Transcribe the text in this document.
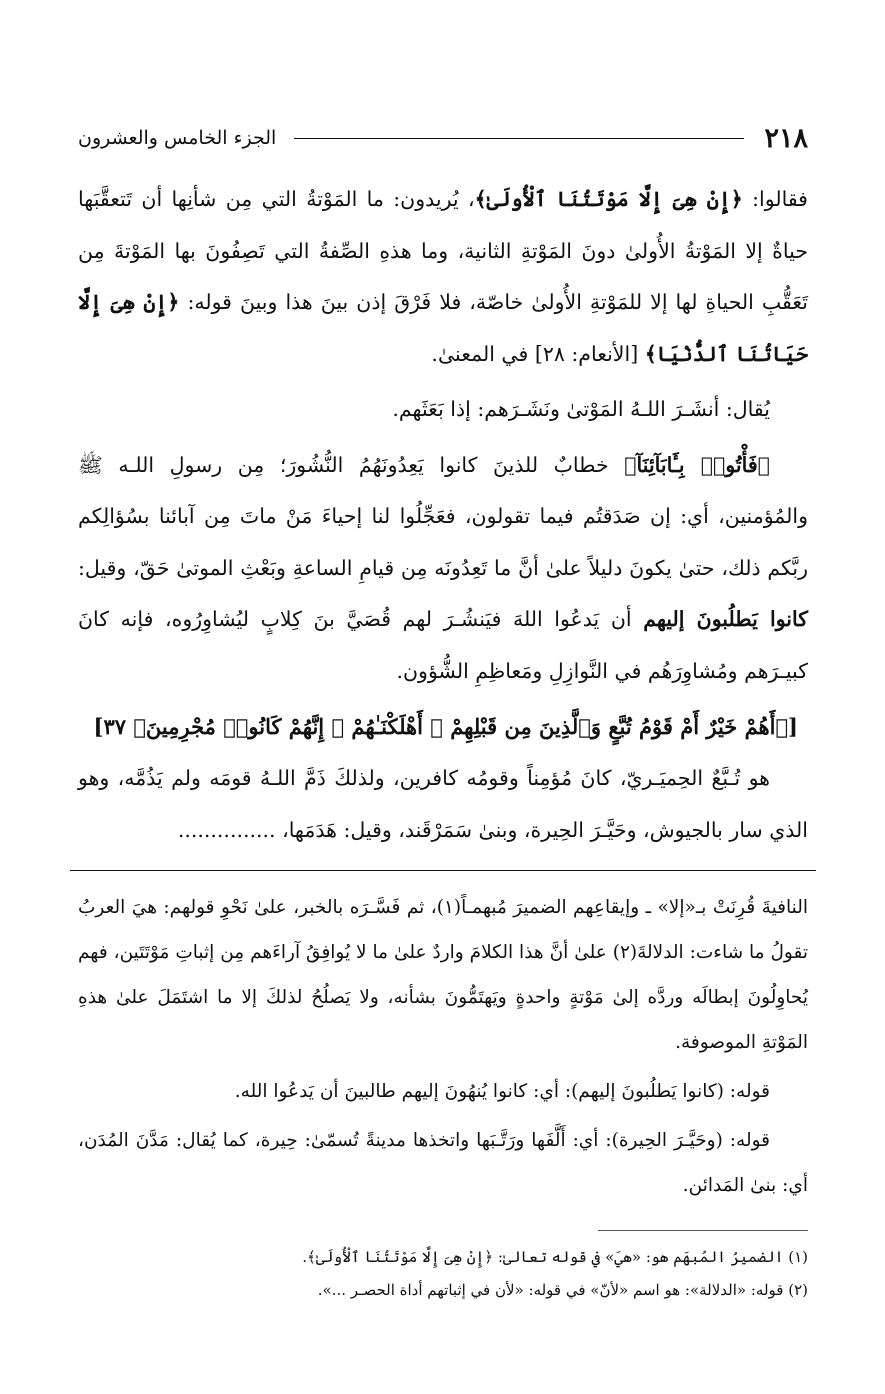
٢١٨
الجزء الخامس والعشرون

فقالوا: ﴿إِنْ هِىَ إِلَّا مَوْتَتُنَا ٱلْأُولَىٰ﴾، يُريدون: ما المَوْتةُ التي مِن شأنِها أن تَتعقَّبَها حياةٌ إلا المَوْتةُ الأُولىٰ دونَ المَوْتةِ الثانية، وما هذهِ الصِّفةُ التي تَصِفُونَ بها المَوْتةَ مِن تَعَقُّبِ الحياةِ لها إلا للمَوْتةِ الأُولىٰ خاصّة، فلا فَرْقَ إذن بينَ هذا وبينَ قوله: ﴿إِنْ هِىَ إِلَّا حَيَاتُنَا ٱلدُّنْيَا﴾ [الأنعام: ٢٨] في المعنىٰ.

يُقال: أنشَـرَ اللـهُ المَوْتىٰ ونَشَـرَهم: إذا بَعَثَهم.

﴿فَأْتُوا۟ بِـَٔابَآئِنَآ﴾ خطابٌ للذينَ كانوا يَعِدُونَهُمُ النُّشُورَ؛ مِن رسولِ اللـه ﷺ والمُؤمنين، أي: إن صَدَقتُم فيما تقولون، فعَجِّلُوا لنا إحياءَ مَنْ ماتَ مِن آبائنا بسُؤالِكم ربَّكم ذلك، حتىٰ يكونَ دليلاً علىٰ أنَّ ما تَعِدُونَه مِن قيامِ الساعةِ وبَعْثِ الموتىٰ حَقّ، وقيل: كانوا يَطلُبونَ إليهم أن يَدعُوا اللهَ فيَنشُـرَ لهم قُصَيَّ بنَ كِلابٍ ليُشاوِرُوه، فإنه كانَ كبيـرَهم ومُشاوِرَهُم في النَّوازِلِ ومَعاظِمِ الشُّؤون.

[﴿أَهُمْ خَيْرٌ أَمْ قَوْمُ تُبَّعٍ وَٱلَّذِينَ مِن قَبْلِهِمْ ۚ أَهْلَكْنَـٰهُمْ ۖ إِنَّهُمْ كَانُوا۟ مُجْرِمِينَ﴾ ٣٧]

هو تُـبَّعٌ الحِميَـريّ، كانَ مُؤمِناً وقومُه كافرين، ولذلكَ ذَمَّ اللـهُ قومَه ولم يَذُمَّه، وهو الذي سار بالجيوش، وحَيَّـرَ الحِيرة، وبنىٰ سَمَرْقَند، وقيل: هَدَمَها، ...............

النافيةَ قُرِنَتْ بـ«إلا» ـ وإيقاعِهم الضميرَ مُبهمـاً(١)، ثم فَسَّـرَه بالخبر، علىٰ نَحْوِ قولهم: هيَ العربُ تقولُ ما شاءت: الدلالةَ(٢) علىٰ أنَّ هذا الكلامَ واردٌ علىٰ ما لا يُوافِقُ آراءَهم مِن إثباتِ مَوْتَتَين، فهم يُحاوِلُونَ إبطالَه وردَّه إلىٰ مَوْتةٍ واحدةٍ ويَهتَمُّونَ بشأنه، ولا يَصلُحُ لذلكَ إلا ما اشتَمَلَ علىٰ هذهِ المَوْتةِ الموصوفة.

قوله: (كانوا يَطلُبونَ إليهم): أي: كانوا يُنهُونَ إليهم طالبينَ أن يَدعُوا الله.

قوله: (وحَيَّـرَ الحِيرة): أي: أَلَّفَها ورَتَّـبَها واتخذها مدينةً تُسمّىٰ: حِيرة، كما يُقال: مَدَّنَ المُدَن، أي: بنىٰ المَدائن.

(١) الضميرُ المُبهَم هو: «هيَ» في قوله تعالىٰ: ﴿إِنْ هِىَ إِلَّا مَوْتَتُنَا ٱلْأُولَىٰ﴾.

(٢) قوله: «الدلالة»: هو اسم «لأنّ» في قوله: «لأن في إثباتهم أداة الحصـر ...».
